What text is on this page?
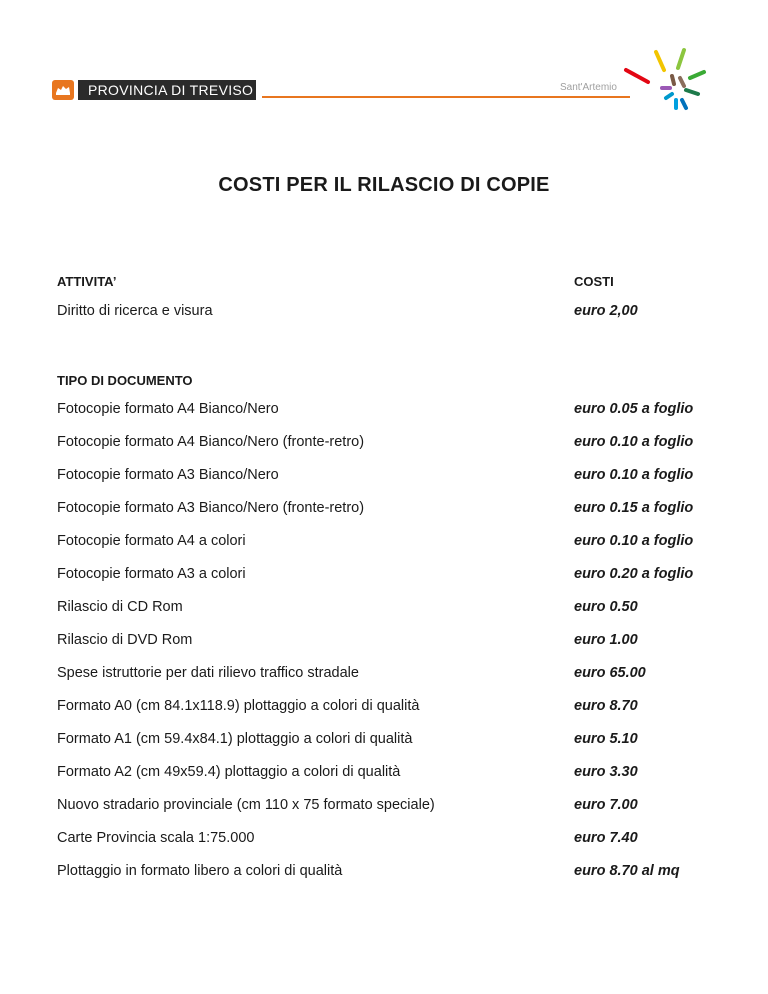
PROVINCIA DI TREVISO	Sant'Artemio
COSTI PER IL RILASCIO DI COPIE
ATTIVITA’	COSTI
Diritto di ricerca e visura	euro 2,00
TIPO DI DOCUMENTO
Fotocopie formato A4 Bianco/Nero	euro 0.05 a foglio
Fotocopie formato A4 Bianco/Nero (fronte-retro)	euro 0.10 a foglio
Fotocopie formato A3 Bianco/Nero	euro 0.10 a foglio
Fotocopie formato A3 Bianco/Nero (fronte-retro)	euro 0.15 a foglio
Fotocopie formato A4 a colori	euro 0.10 a foglio
Fotocopie formato A3 a colori	euro 0.20 a foglio
Rilascio di CD Rom	euro 0.50
Rilascio di DVD Rom	euro 1.00
Spese istruttorie per dati rilievo traffico stradale	euro 65.00
Formato A0 (cm 84.1x118.9) plottaggio a colori di qualità	euro 8.70
Formato A1 (cm 59.4x84.1) plottaggio a colori di qualità	euro 5.10
Formato A2 (cm 49x59.4) plottaggio a colori di qualità	euro 3.30
Nuovo stradario provinciale (cm 110 x 75 formato speciale)	euro 7.00
Carte Provincia scala 1:75.000	euro 7.40
Plottaggio in formato libero a colori di qualità	euro 8.70 al mq
